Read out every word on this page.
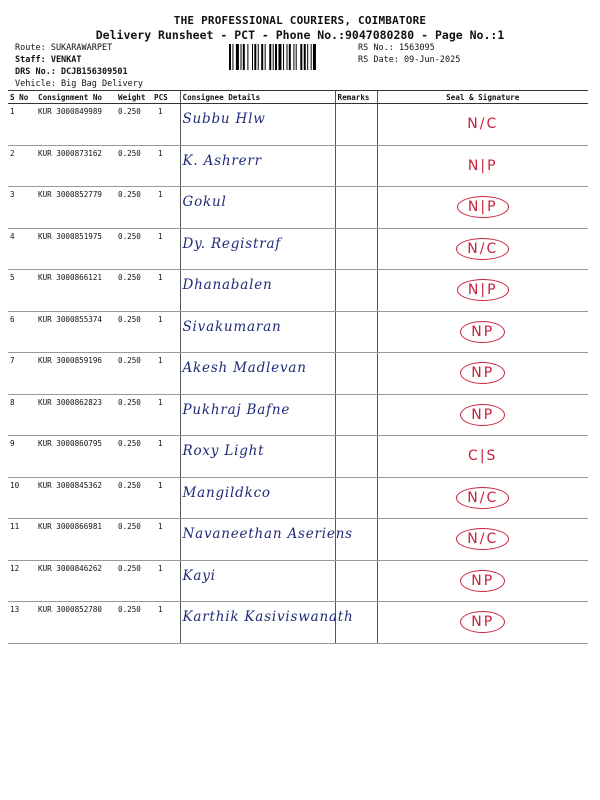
THE PROFESSIONAL COURIERS, COIMBATORE
Delivery Runsheet - PCT - Phone No.:9047080280 - Page No.:1
Route: SUKARAWARPET
Staff: VENKAT
DRS No.: DCJB156309501
Vehicle: Big Bag Delivery
RS No.: 1563095
RS Date: 09-Jun-2025
S No	Consignment No	Weight	PCS	Consignee Details	Remarks	Seal & Signature
1	KUR 3000849989	0.250	1	Subbu Hlw		N/C

2	KUR 3000873162	0.250	1	K. Ashrerr		N|P

3	KUR 3000852779	0.250	1	Gokul		N|P

4	KUR 3000851975	0.250	1	Dy. Registraf		N/C

5	KUR 3000866121	0.250	1	Dhanabalen		N|P

6	KUR 3000855374	0.250	1	Sivakumaran		NP

7	KUR 3000859196	0.250	1	Akesh Madlevan		NP

8	KUR 3000862823	0.250	1	Pukhraj Bafne		NP

9	KUR 3000860795	0.250	1	Roxy Light		C|S

10	KUR 3000845362	0.250	1	Mangildkco		N/C

11	KUR 3000866981	0.250	1	Navaneethan Aseriens		N/C

12	KUR 3000846262	0.250	1	Kayi		NP

13	KUR 3000852780	0.250	1	Karthik Kasiviswanath		NP
